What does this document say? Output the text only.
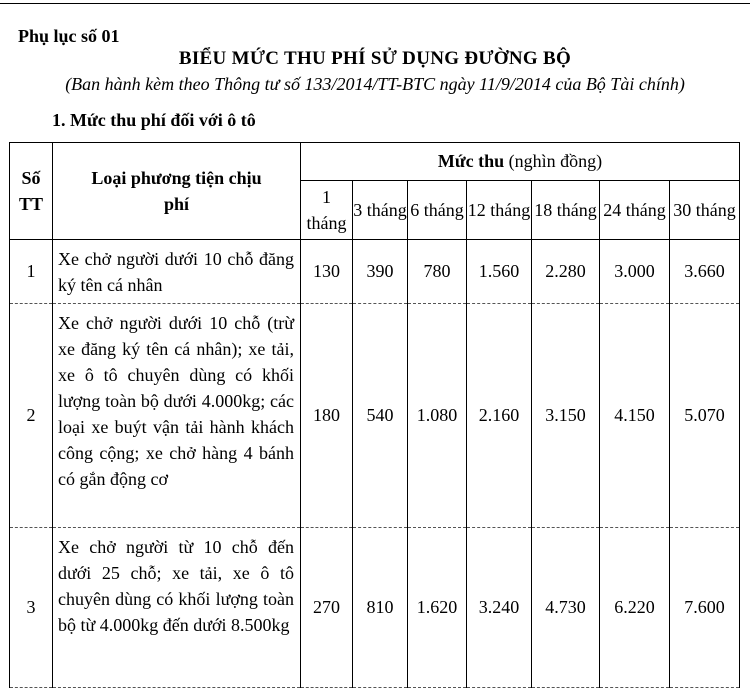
Phụ lục số 01
BIỂU MỨC THU PHÍ SỬ DỤNG ĐƯỜNG BỘ
(Ban hành kèm theo Thông tư số 133/2014/TT-BTC ngày 11/9/2014 của Bộ Tài chính)
1. Mức thu phí đối với ô tô
Số TT	Loại phương tiện chịu phí	Mức thu (nghìn đồng)						
		1 tháng	3 tháng	6 tháng	12 tháng	18 tháng	24 tháng	30 tháng
1	Xe chở người dưới 10 chỗ đăng ký tên cá nhân	130	390	780	1.560	2.280	3.000	3.660
2	Xe chở người dưới 10 chỗ (trừ xe đăng ký tên cá nhân); xe tải, xe ô tô chuyên dùng có khối lượng toàn bộ dưới 4.000kg; các loại xe buýt vận tải hành khách công cộng; xe chở hàng 4 bánh có gắn động cơ	180	540	1.080	2.160	3.150	4.150	5.070
3	Xe chở người từ 10 chỗ đến dưới 25 chỗ; xe tải, xe ô tô chuyên dùng có khối lượng toàn bộ từ 4.000kg đến dưới 8.500kg	270	810	1.620	3.240	4.730	6.220	7.600
